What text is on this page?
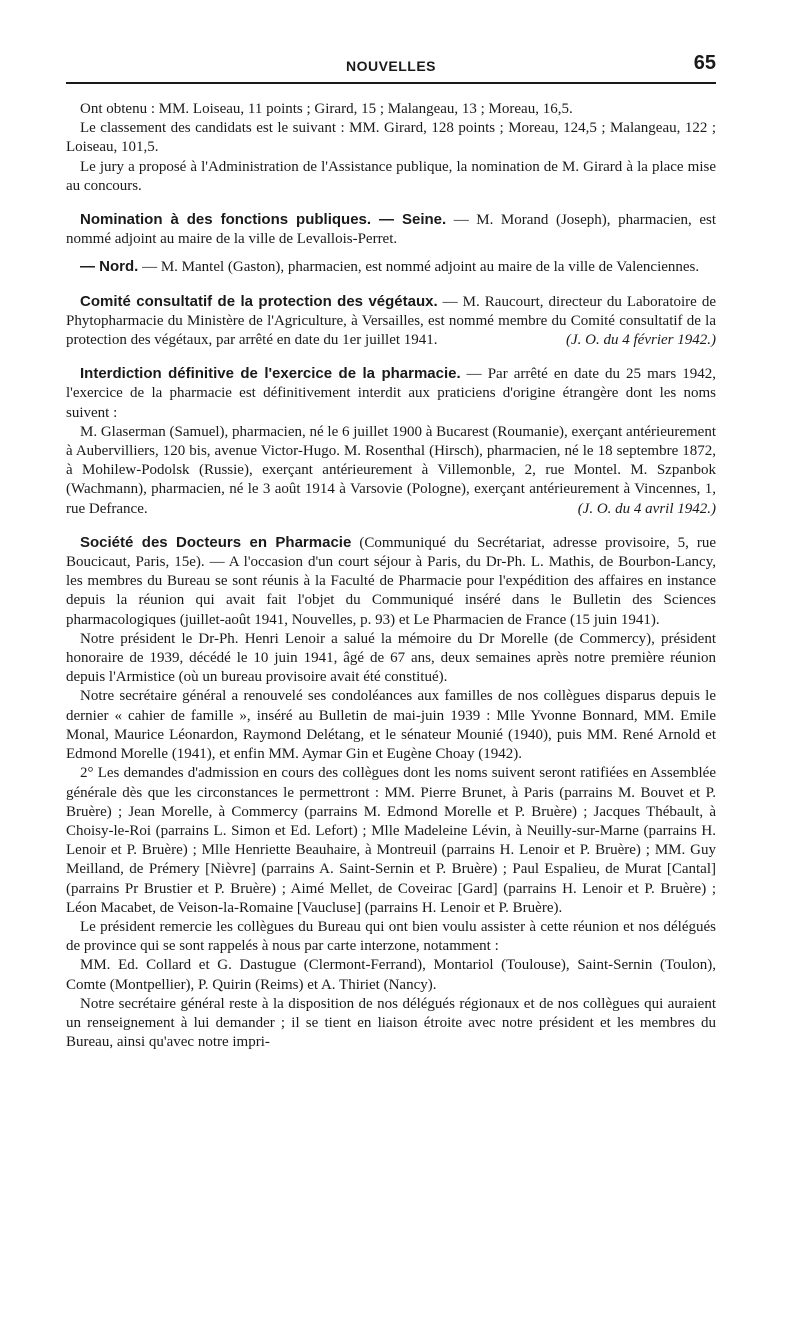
NOUVELLES	65

Ont obtenu : MM. Loiseau, 11 points ; Girard, 15 ; Malangeau, 13 ; Moreau, 16,5.

Le classement des candidats est le suivant : MM. Girard, 128 points ; Moreau, 124,5 ; Malangeau, 122 ; Loiseau, 101,5.

Le jury a proposé à l'Administration de l'Assistance publique, la nomination de M. Girard à la place mise au concours.

Nomination à des fonctions publiques. — Seine. — M. Morand (Joseph), pharmacien, est nommé adjoint au maire de la ville de Levallois-Perret.

— Nord. — M. Mantel (Gaston), pharmacien, est nommé adjoint au maire de la ville de Valenciennes.

Comité consultatif de la protection des végétaux. — M. Raucourt, directeur du Laboratoire de Phytopharmacie du Ministère de l'Agriculture, à Versailles, est nommé membre du Comité consultatif de la protection des végétaux, par arrêté en date du 1er juillet 1941.	(J. O. du 4 février 1942.)

Interdiction définitive de l'exercice de la pharmacie. — Par arrêté en date du 25 mars 1942, l'exercice de la pharmacie est définitivement interdit aux praticiens d'origine étrangère dont les noms suivent :

M. Glaserman (Samuel), pharmacien, né le 6 juillet 1900 à Bucarest (Roumanie), exerçant antérieurement à Aubervilliers, 120 bis, avenue Victor-Hugo. M. Rosenthal (Hirsch), pharmacien, né le 18 septembre 1872, à Mohilew-Podolsk (Russie), exerçant antérieurement à Villemonble, 2, rue Montel. M. Szpanbok (Wachmann), pharmacien, né le 3 août 1914 à Varsovie (Pologne), exerçant antérieurement à Vincennes, 1, rue Defrance.	(J. O. du 4 avril 1942.)

Société des Docteurs en Pharmacie (Communiqué du Secrétariat, adresse provisoire, 5, rue Boucicaut, Paris, 15e). — A l'occasion d'un court séjour à Paris, du Dr-Ph. L. Mathis, de Bourbon-Lancy, les membres du Bureau se sont réunis à la Faculté de Pharmacie pour l'expédition des affaires en instance depuis la réunion qui avait fait l'objet du Communiqué inséré dans le Bulletin des Sciences pharmacologiques (juillet-août 1941, Nouvelles, p. 93) et Le Pharmacien de France (15 juin 1941).

Notre président le Dr-Ph. Henri Lenoir a salué la mémoire du Dr Morelle (de Commercy), président honoraire de 1939, décédé le 10 juin 1941, âgé de 67 ans, deux semaines après notre première réunion depuis l'Armistice (où un bureau provisoire avait été constitué).

Notre secrétaire général a renouvelé ses condoléances aux familles de nos collègues disparus depuis le dernier « cahier de famille », inséré au Bulletin de mai-juin 1939 : Mlle Yvonne Bonnard, MM. Emile Monal, Maurice Léonardon, Raymond Delétang, et le sénateur Mounié (1940), puis MM. René Arnold et Edmond Morelle (1941), et enfin MM. Aymar Gin et Eugène Choay (1942).

2° Les demandes d'admission en cours des collègues dont les noms suivent seront ratifiées en Assemblée générale dès que les circonstances le permettront : MM. Pierre Brunet, à Paris (parrains M. Bouvet et P. Bruère) ; Jean Morelle, à Commercy (parrains M. Edmond Morelle et P. Bruère) ; Jacques Thébault, à Choisy-le-Roi (parrains L. Simon et Ed. Lefort) ; Mlle Madeleine Lévin, à Neuilly-sur-Marne (parrains H. Lenoir et P. Bruère) ; Mlle Henriette Beauhaire, à Montreuil (parrains H. Lenoir et P. Bruère) ; MM. Guy Meilland, de Prémery [Nièvre] (parrains A. Saint-Sernin et P. Bruère) ; Paul Espalieu, de Murat [Cantal] (parrains Pr Brustier et P. Bruère) ; Aimé Mellet, de Coveirac [Gard] (parrains H. Lenoir et P. Bruère) ; Léon Macabet, de Veison-la-Romaine [Vaucluse] (parrains H. Lenoir et P. Bruère).

Le président remercie les collègues du Bureau qui ont bien voulu assister à cette réunion et nos délégués de province qui se sont rappelés à nous par carte interzone, notamment :

MM. Ed. Collard et G. Dastugue (Clermont-Ferrand), Montariol (Toulouse), Saint-Sernin (Toulon), Comte (Montpellier), P. Quirin (Reims) et A. Thiriet (Nancy).

Notre secrétaire général reste à la disposition de nos délégués régionaux et de nos collègues qui auraient un renseignement à lui demander ; il se tient en liaison étroite avec notre président et les membres du Bureau, ainsi qu'avec notre impri-
